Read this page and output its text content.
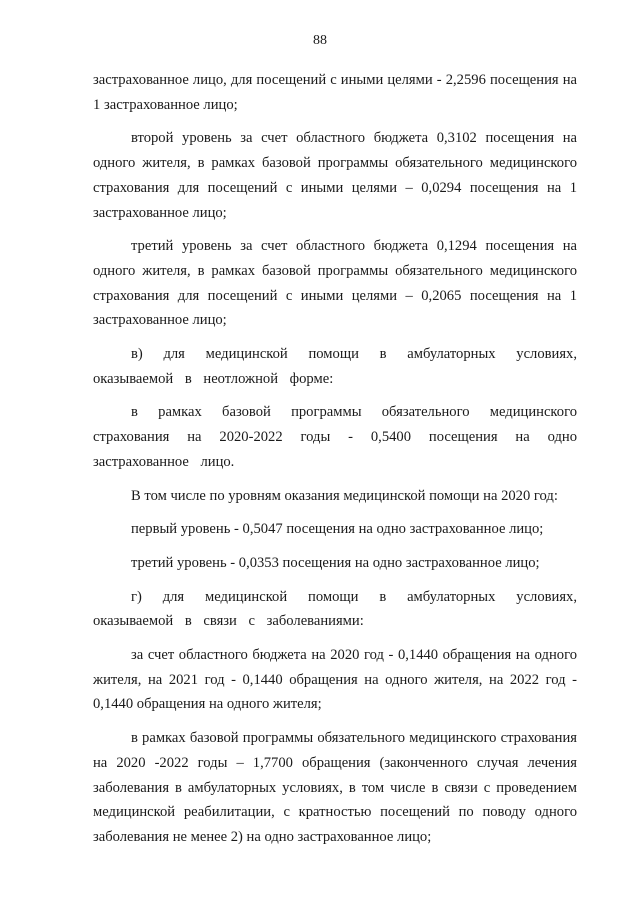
88

застрахованное лицо, для посещений с иными целями - 2,2596 посещения на 1 застрахованное лицо;

второй уровень за счет областного бюджета 0,3102 посещения на одного жителя, в рамках базовой программы обязательного медицинского страхования для посещений с иными целями – 0,0294 посещения на 1 застрахованное лицо;

третий уровень за счет областного бюджета 0,1294 посещения на одного жителя, в рамках базовой программы обязательного медицинского страхования для посещений с иными целями – 0,2065 посещения на 1 застрахованное лицо;

в) для медицинской помощи в амбулаторных условиях, оказываемой в неотложной форме:

в рамках базовой программы обязательного медицинского страхования на 2020-2022 годы - 0,5400 посещения на одно застрахованное лицо.

В том числе по уровням оказания медицинской помощи на 2020 год:

первый уровень - 0,5047 посещения на одно застрахованное лицо;

третий уровень - 0,0353 посещения на одно застрахованное лицо;

г) для медицинской помощи в амбулаторных условиях, оказываемой в связи с заболеваниями:

за счет областного бюджета на 2020 год - 0,1440 обращения на одного жителя, на 2021 год - 0,1440 обращения на одного жителя, на 2022 год - 0,1440 обращения на одного жителя;

в рамках базовой программы обязательного медицинского страхования на 2020 -2022 годы – 1,7700 обращения (законченного случая лечения заболевания в амбулаторных условиях, в том числе в связи с проведением медицинской реабилитации, с кратностью посещений по поводу одного заболевания не менее 2) на одно застрахованное лицо;
